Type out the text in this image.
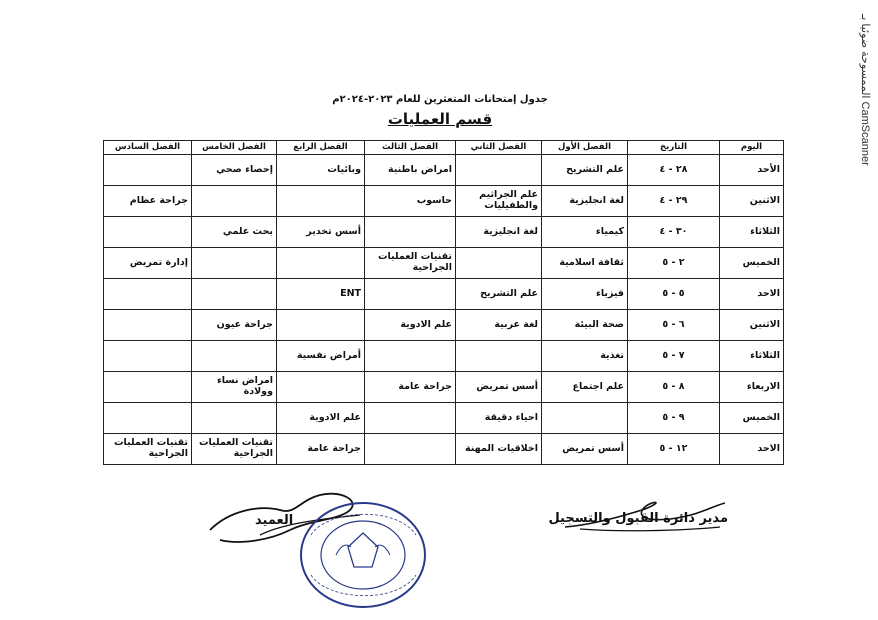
الممسوحة ضوئيا بـ CamScanner
جدول إمتحانات المتعثرين للعام ٢٠٢٣-٢٠٢٤م
قسم العمليات
اليوم	التاريخ	الفصل الأول	الفصل الثاني	الفصل الثالث	الفصل الرابع	الفصل الخامس	الفصل السادس
الأحد	٢٨ - ٤	علم التشريح		امراض باطنية	وبائيات	إحصاء صحي	
الاثنين	٢٩ - ٤	لغة انجليزية	علم الجراثيم والطفيليات	حاسوب			جراحة عظام
الثلاثاء	٣٠ - ٤	كيمياء	لغة انجليزية		أسس تخدير	بحث علمي	
الخميس	٢ - ٥	ثقافة اسلامية		تقنيات العمليات الجراحية			إدارة تمريض
الاحد	٥ - ٥	فيزياء	علم التشريح		ENT		
الاثنين	٦ - ٥	صحة البيئة	لغة عربية	علم الادوية		جراحة عيون	
الثلاثاء	٧ - ٥	تغذية			أمراض نفسية		
الاربعاء	٨ - ٥	علم اجتماع	أسس تمريض	جراحة عامة		امراض نساء وولادة	
الخميس	٩ - ٥		احياء دقيقة		علم الادوية		
الاحد	١٢ - ٥	أسس تمريض	اخلاقيات المهنة		جراحة عامة	تقنيات العمليات الجراحية	تقنيات العمليات الجراحية
مدير دائرة القبول والتسجيل
العميد
